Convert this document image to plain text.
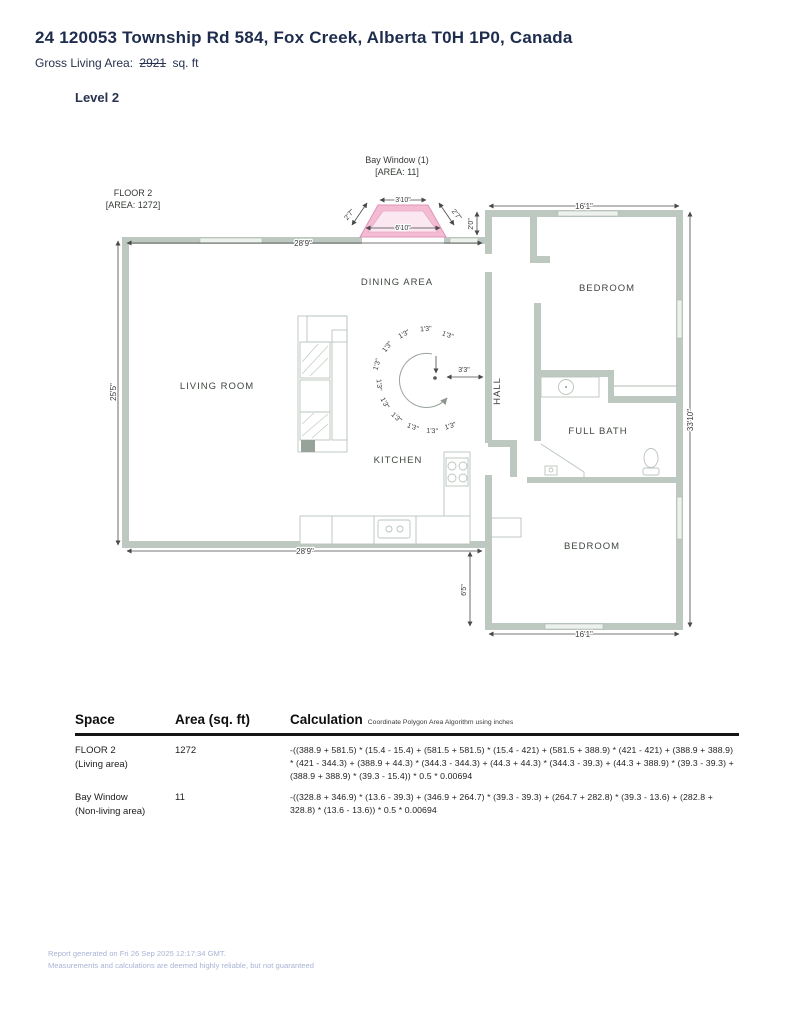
24 120053 Township Rd 584, Fox Creek, Alberta T0H 1P0, Canada
Gross Living Area: 2921 sq. ft
Level 2
3'10"
6'10"
2'7"	2'7"
FLOOR 2
[AREA: 1272]
Bay Window (1)
[AREA: 11]
28'9"
28'9"
25'5"
16'1"
16'1"
33'10"
2'0"
6'5"
3'3"
1'3"
1'3"
1'3"
1'3"
1'3"
1'3"
1'3"
1'3"
1'3" 1'3" 1'3"
LIVING ROOM
DINING AREA
KITCHEN
HALL
BEDROOM
FULL BATH
BEDROOM
Space	Area (sq. ft)	Calculation Coordinate Polygon Area Algorithm using inches
FLOOR 2
(Living area)
1272	-((388.9 + 581.5) * (15.4 - 15.4) + (581.5 + 581.5) * (15.4 - 421) + (581.5 + 388.9) * (421 - 421) + (388.9 + 388.9) * (421 - 344.3) + (388.9 + 44.3) * (344.3 - 344.3) + (44.3 + 44.3) * (344.3 - 39.3) + (44.3 + 388.9) * (39.3 - 39.3) + (388.9 + 388.9) * (39.3 - 15.4)) * 0.5 * 0.00694
Bay Window
(Non-living area)
11	-((328.8 + 346.9) * (13.6 - 39.3) + (346.9 + 264.7) * (39.3 - 39.3) + (264.7 + 282.8) * (39.3 - 13.6) + (282.8 + 328.8) * (13.6 - 13.6)) * 0.5 * 0.00694
Report generated on Fri 26 Sep 2025 12:17:34 GMT.
Measurements and calculations are deemed highly reliable, but not guaranteed
